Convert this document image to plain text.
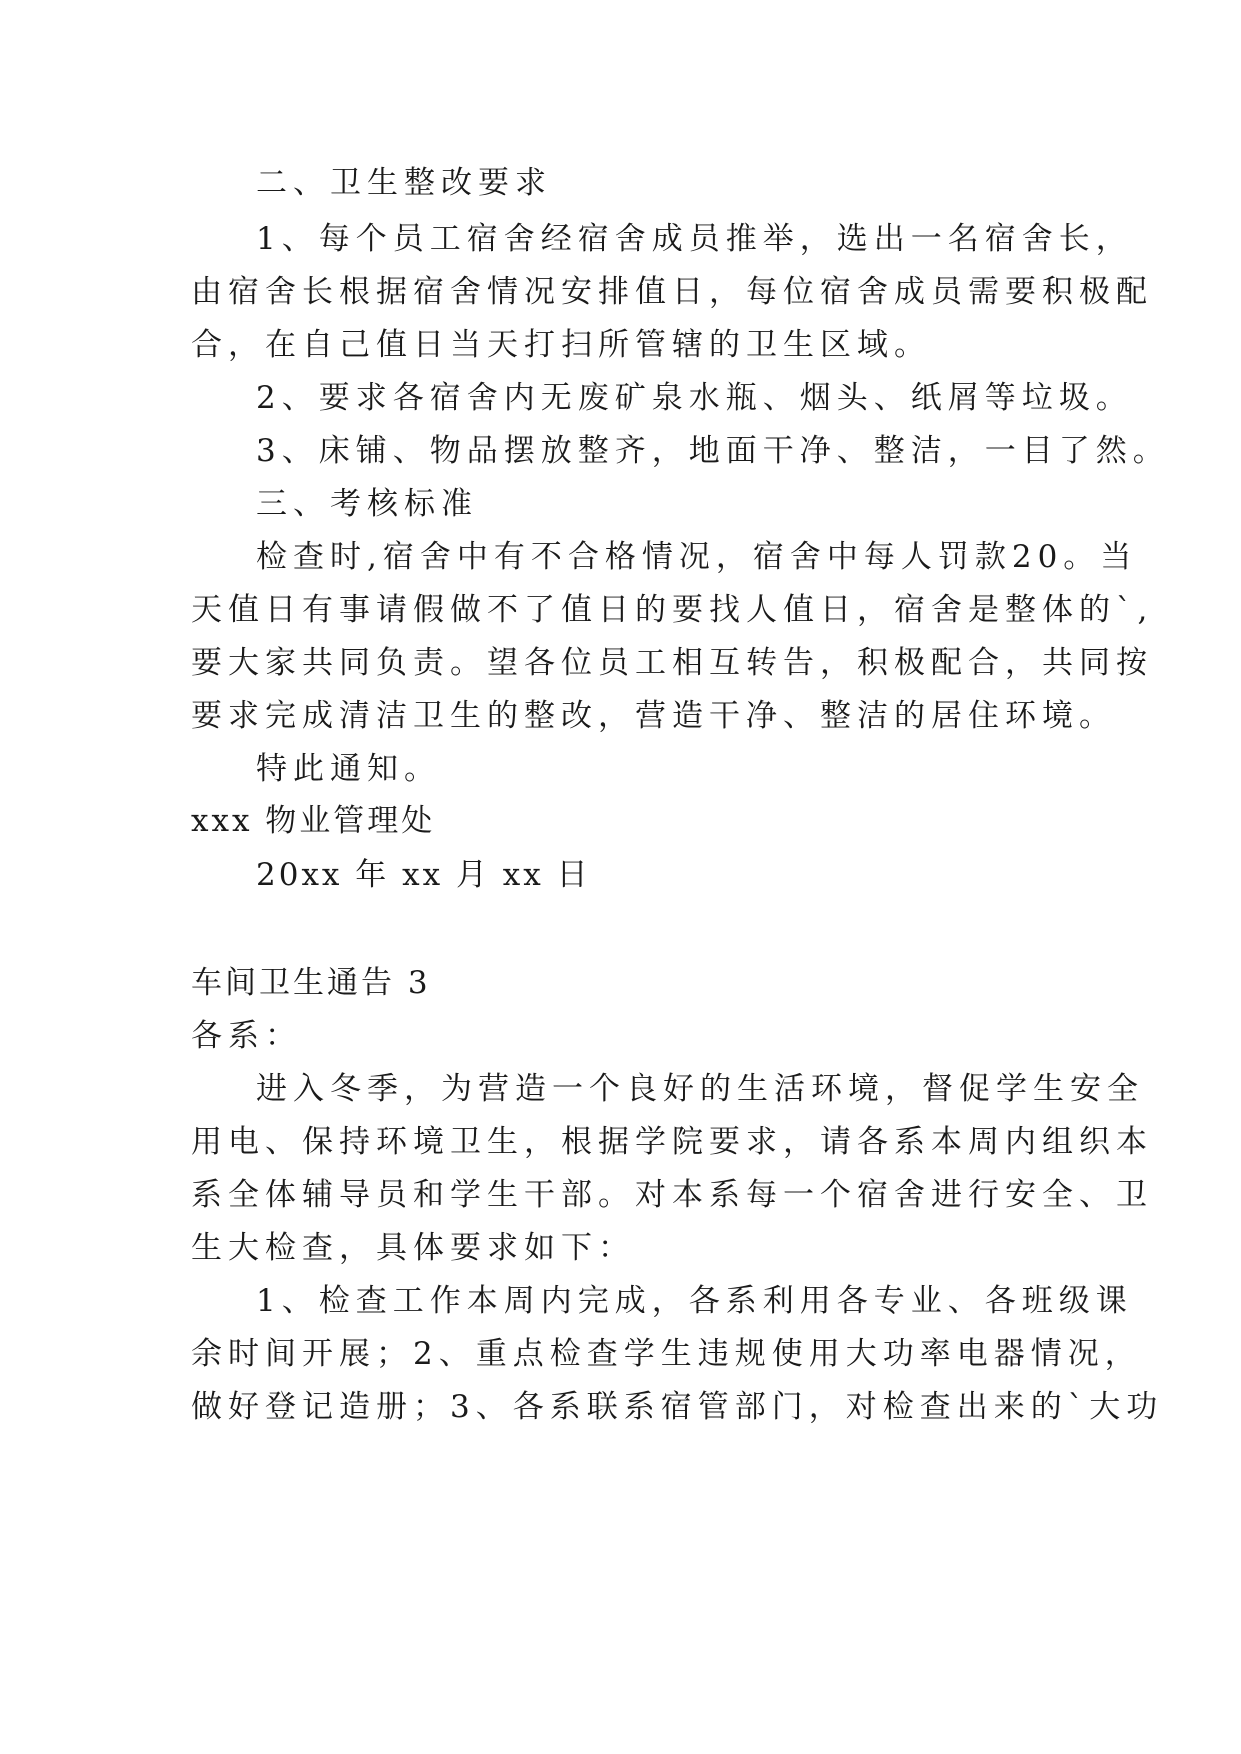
二、卫生整改要求
1、每个员工宿舍经宿舍成员推举，选出一名宿舍长，
由宿舍长根据宿舍情况安排值日，每位宿舍成员需要积极配
合，在自己值日当天打扫所管辖的卫生区域。
2、要求各宿舍内无废矿泉水瓶、烟头、纸屑等垃圾。
3、床铺、物品摆放整齐，地面干净、整洁，一目了然。
三、考核标准
检查时,宿舍中有不合格情况，宿舍中每人罚款20。当
天值日有事请假做不了值日的要找人值日，宿舍是整体的`,
要大家共同负责。望各位员工相互转告，积极配合，共同按
要求完成清洁卫生的整改，营造干净、整洁的居住环境。
特此通知。
xxx 物业管理处
20xx 年 xx 月 xx 日
车间卫生通告 3
各系：
进入冬季，为营造一个良好的生活环境，督促学生安全
用电、保持环境卫生，根据学院要求，请各系本周内组织本
系全体辅导员和学生干部。对本系每一个宿舍进行安全、卫
生大检查，具体要求如下：
1、检查工作本周内完成，各系利用各专业、各班级课
余时间开展；2、重点检查学生违规使用大功率电器情况，
做好登记造册；3、各系联系宿管部门，对检查出来的`大功
